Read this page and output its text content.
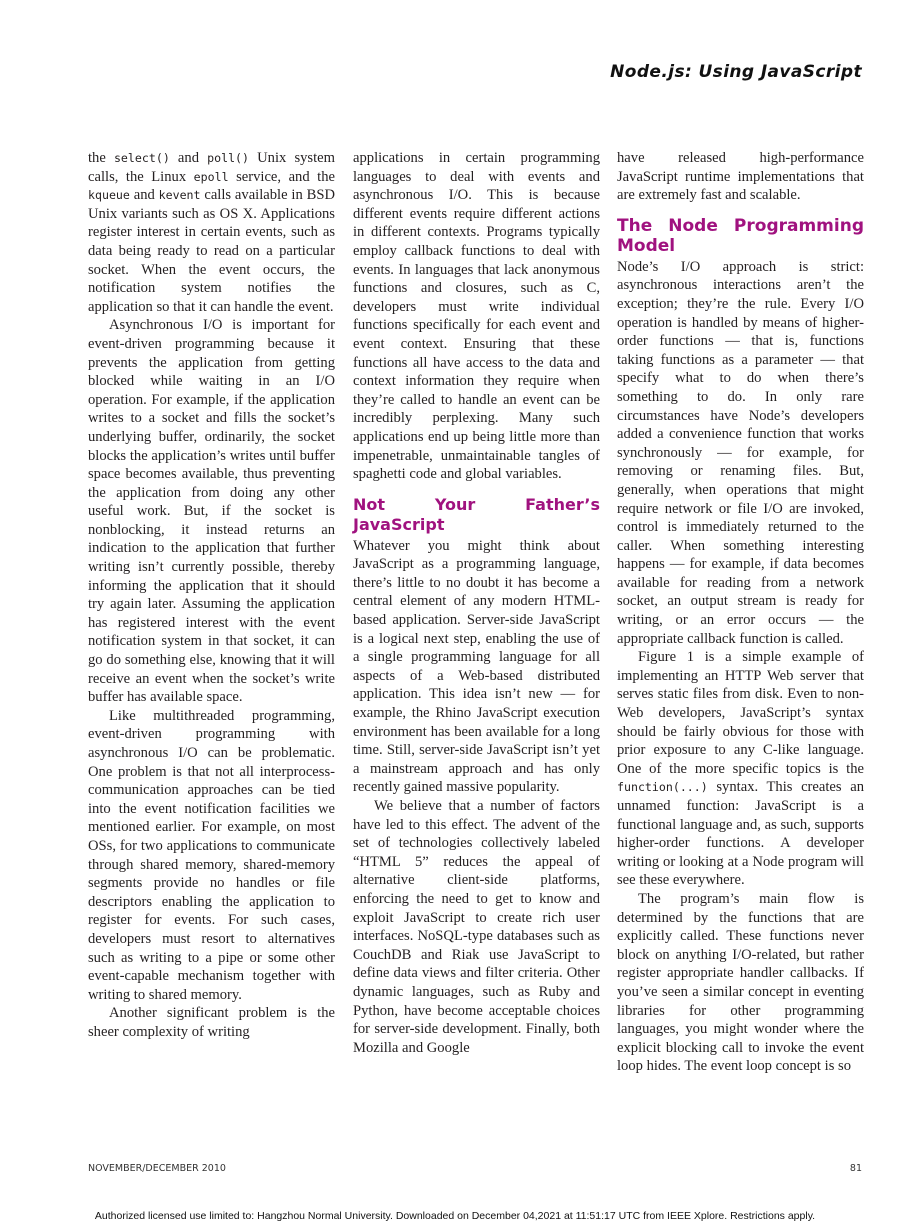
Node.js: Using JavaScript

the select() and poll() Unix system calls, the Linux epoll service, and the kqueue and kevent calls available in BSD Unix variants such as OS X. Applications register interest in certain events, such as data being ready to read on a particular socket. When the event occurs, the notification system notifies the application so that it can handle the event.

Asynchronous I/O is important for event-driven programming because it prevents the application from getting blocked while waiting in an I/O operation. For example, if the application writes to a socket and fills the socket’s underlying buffer, ordinarily, the socket blocks the application’s writes until buffer space becomes available, thus preventing the application from doing any other useful work. But, if the socket is nonblocking, it instead returns an indication to the application that further writing isn’t currently possible, thereby informing the application that it should try again later. Assuming the application has registered interest with the event notification system in that socket, it can go do something else, knowing that it will receive an event when the socket’s write buffer has available space.

Like multithreaded programming, event-driven programming with asynchronous I/O can be problematic. One problem is that not all interprocess-communication approaches can be tied into the event notification facilities we mentioned earlier. For example, on most OSs, for two applications to communicate through shared memory, shared-memory segments provide no handles or file descriptors enabling the application to register for events. For such cases, developers must resort to alternatives such as writing to a pipe or some other event-capable mechanism together with writing to shared memory.

Another significant problem is the sheer complexity of writing

applications in certain programming languages to deal with events and asynchronous I/O. This is because different events require different actions in different contexts. Programs typically employ callback functions to deal with events. In languages that lack anonymous functions and closures, such as C, developers must write individual functions specifically for each event and event context. Ensuring that these functions all have access to the data and context information they require when they’re called to handle an event can be incredibly perplexing. Many such applications end up being little more than impenetrable, unmaintainable tangles of spaghetti code and global variables.

Not Your Father’s JavaScript

Whatever you might think about JavaScript as a programming language, there’s little to no doubt it has become a central element of any modern HTML-based application. Server-side JavaScript is a logical next step, enabling the use of a single programming language for all aspects of a Web-based distributed application. This idea isn’t new — for example, the Rhino JavaScript execution environment has been available for a long time. Still, server-side JavaScript isn’t yet a mainstream approach and has only recently gained massive popularity.

We believe that a number of factors have led to this effect. The advent of the set of technologies collectively labeled “HTML 5” reduces the appeal of alternative client-side platforms, enforcing the need to get to know and exploit JavaScript to create rich user interfaces. NoSQL-type databases such as CouchDB and Riak use JavaScript to define data views and filter criteria. Other dynamic languages, such as Ruby and Python, have become acceptable choices for server-side development. Finally, both Mozilla and Google

have released high-performance JavaScript runtime implementations that are extremely fast and scalable.

The Node Programming Model

Node’s I/O approach is strict: asynchronous interactions aren’t the exception; they’re the rule. Every I/O operation is handled by means of higher-order functions — that is, functions taking functions as a parameter — that specify what to do when there’s something to do. In only rare circumstances have Node’s developers added a convenience function that works synchronously — for example, for removing or renaming files. But, generally, when operations that might require network or file I/O are invoked, control is immediately returned to the caller. When something interesting happens — for example, if data becomes available for reading from a network socket, an output stream is ready for writing, or an error occurs — the appropriate callback function is called.

Figure 1 is a simple example of implementing an HTTP Web server that serves static files from disk. Even to non-Web developers, JavaScript’s syntax should be fairly obvious for those with prior exposure to any C-like language. One of the more specific topics is the function(...) syntax. This creates an unnamed function: JavaScript is a functional language and, as such, supports higher-order functions. A developer writing or looking at a Node program will see these everywhere.

The program’s main flow is determined by the functions that are explicitly called. These functions never block on anything I/O-related, but rather register appropriate handler callbacks. If you’ve seen a similar concept in eventing libraries for other programming languages, you might wonder where the explicit blocking call to invoke the event loop hides. The event loop concept is so

NOVEMBER/DECEMBER 2010	81
Authorized licensed use limited to: Hangzhou Normal University. Downloaded on December 04,2021 at 11:51:17 UTC from IEEE Xplore. Restrictions apply.
